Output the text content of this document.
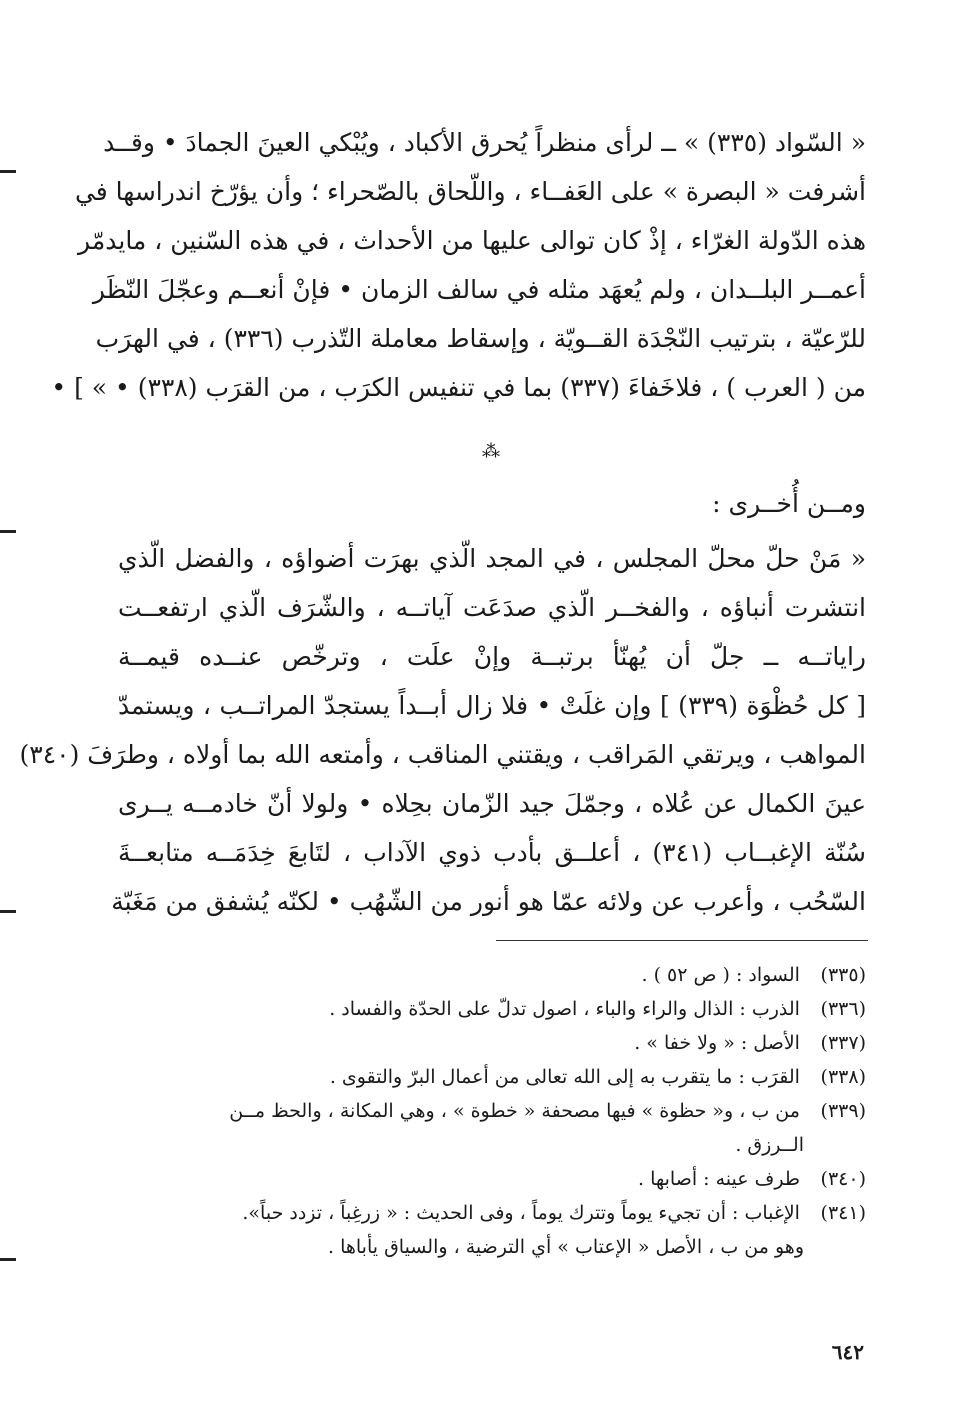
« السّواد (٣٣٥) » ــ لرأى منظراً يُحرق الأكباد ، ويُبْكي العينَ الجمادَ • وقــد
أشرفت « البصرة » على العَفــاء ، واللّحاق بالصّحراء ؛ وأن يؤرّخ اندراسها في
هذه الدّولة الغرّاء ، إذْ كان توالى عليها من الأحداث ، في هذه السّنين ، مايدمّر
أعمــر البلــدان ، ولم يُعهَد مثله في سالف الزمان • فإنْ أنعــم وعجّلَ النّظَر
للرّعيّة ، بترتيب النّجْدَة القــويّة ، وإسقاط معاملة التّذرب (٣٣٦) ، في الهرَب
من ( العرب ) ، فلاخَفاءَ (٣٣٧) بما في تنفيس الكرَب ، من القرَب (٣٣٨) • » ] •

⁂
ومــن أُخــرى :

« مَنْ حلّ محلّ المجلس ، في المجد الّذي بهرَت أضواؤه ، والفضل الّذي
انتشرت أنباؤه ، والفخــر الّذي صدَعَت آياتــه ، والشّرَف الّذي ارتفعــت
راياتــه ــ جلّ أن يُهنّأ برتبــة وإنْ علَت ، وترخّص عنــده قيمــة
[ كل حُظْوَة (٣٣٩) ] وإن غلَتْ • فلا زال أبــداً يستجدّ المراتــب ، ويستمدّ
المواهب ، ويرتقي المَراقب ، ويقتني المناقب ، وأمتعه الله بما أولاه ، وطرَفَ (٣٤٠)
عينَ الكمال عن عُلاه ، وجمّلَ جيد الزّمان بحِلاه • ولولا أنّ خادمــه يــرى
سُنّة الإغبــاب (٣٤١) ، أعلــق بأدب ذوي الآداب ، لتَابعَ خِدَمَــه متابعــةَ
السّحُب ، وأعرب عن ولائه عمّا هو أنور من الشّهُب • لكنّه يُشفق من مَغَبّة

(٣٣٥) السواد : ( ص ٥٢ ) .
(٣٣٦) الذرب : الذال والراء والباء ، اصول تدلّ على الحدّة والفساد .
(٣٣٧) الأصل : « ولا خفا » .
(٣٣٨) القرَب : ما يتقرب به إلى الله تعالى من أعمال البرّ والتقوى .
(٣٣٩) من ب ، و« حظوة » فيها مصحفة « خطوة » ، وهي المكانة ، والحظ مــن
الــرزق .
(٣٤٠) طرف عينه : أصابها .
(٣٤١) الإغباب : أن تجيء يوماً وتترك يوماً ، وفى الحديث : « زرغِباً ، تزدد حباً».
وهو من ب ، الأصل « الإعتاب » أي الترضية ، والسياق يأباها .
٦٤٢
